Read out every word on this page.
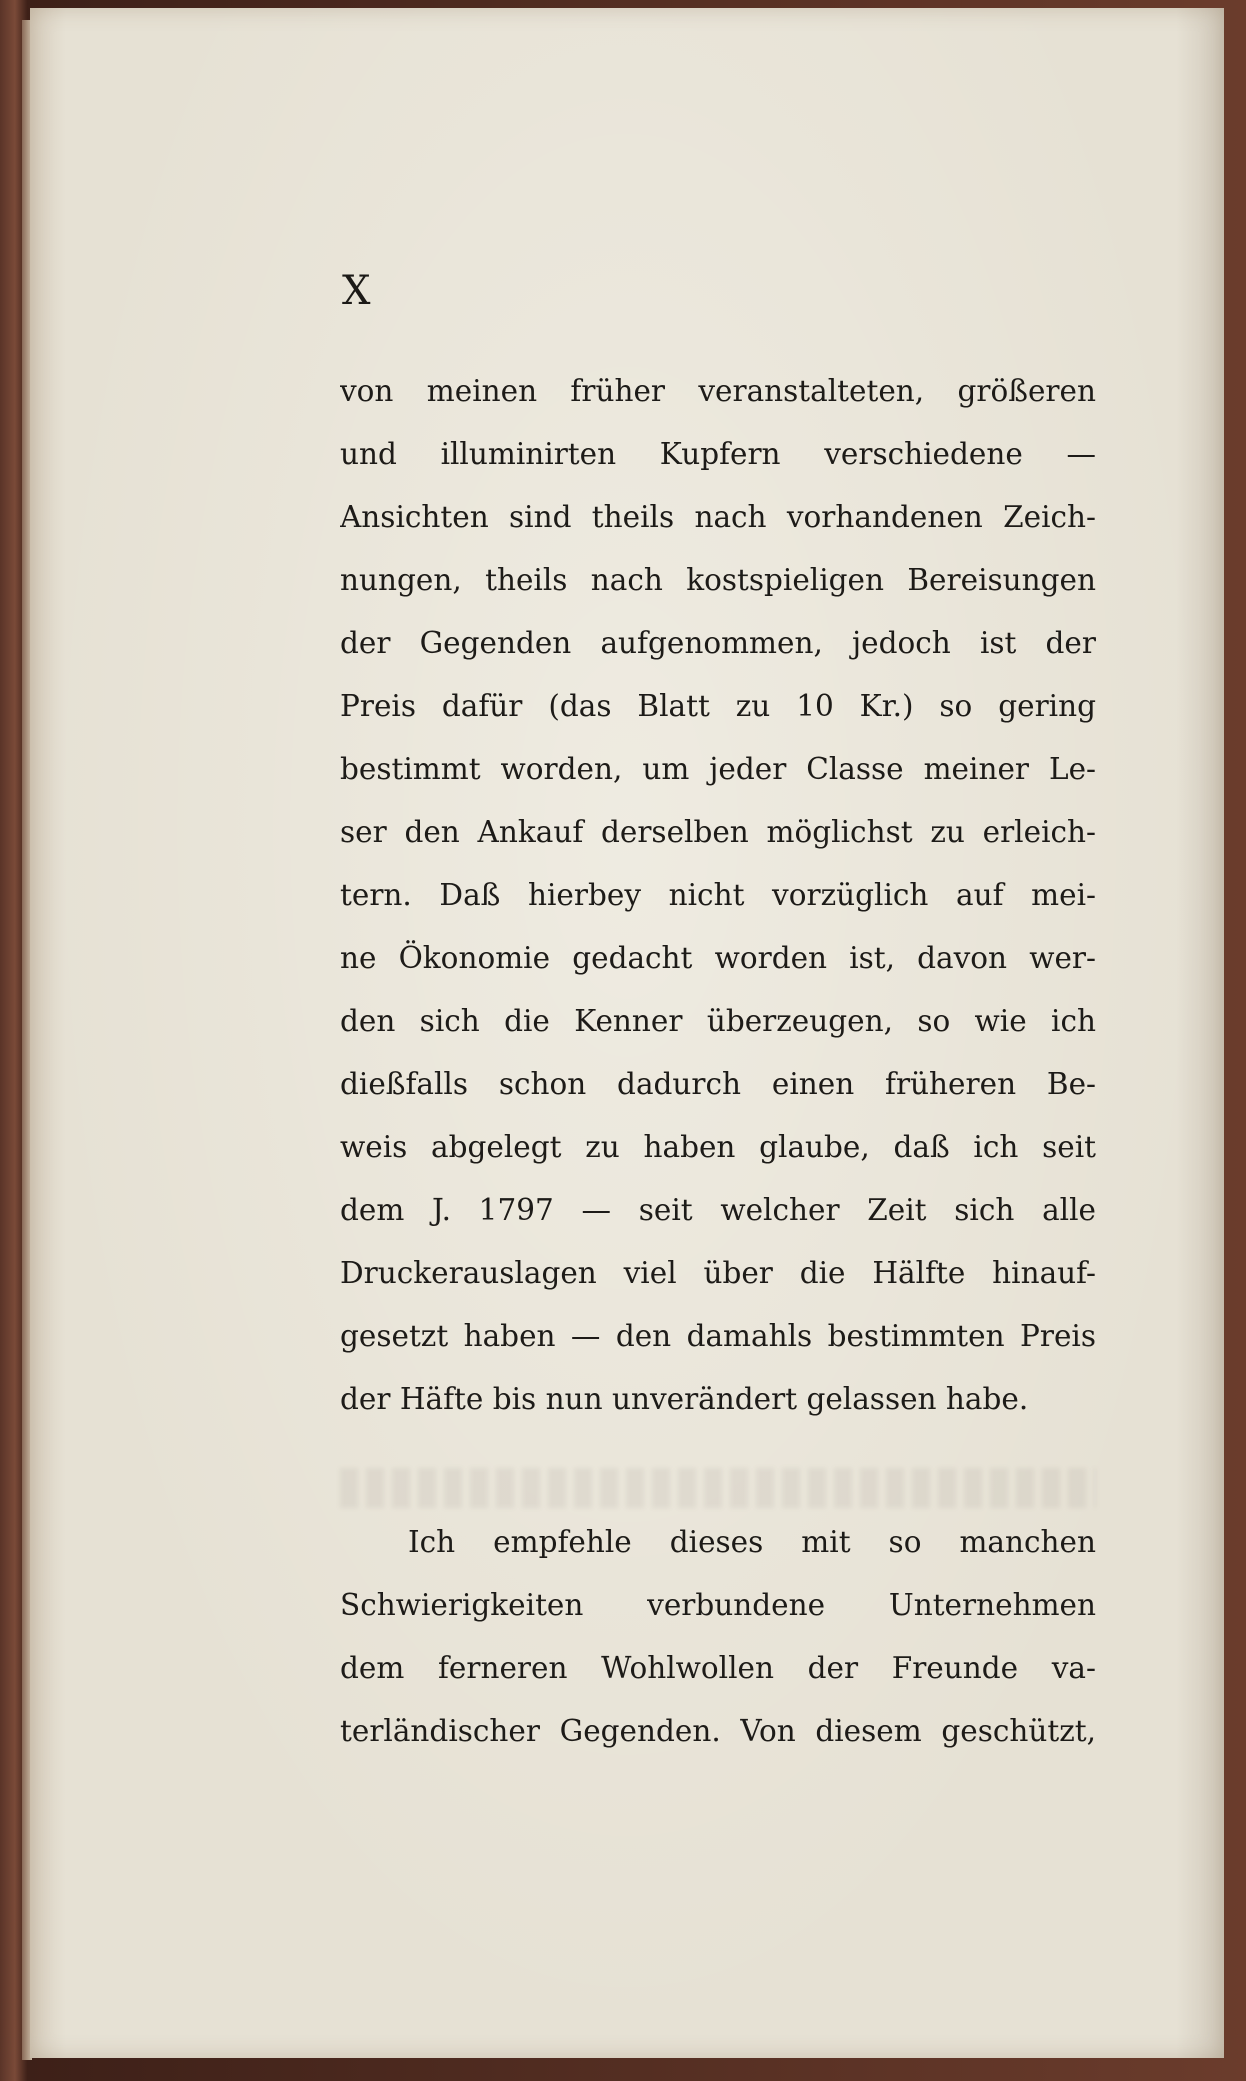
X
von meinen früher veranstalteten, größeren
und illuminirten Kupfern verschiedene —
Ansichten sind theils nach vorhandenen Zeich-
nungen, theils nach kostspieligen Bereisungen
der Gegenden aufgenommen, jedoch ist der
Preis dafür (das Blatt zu 10 Kr.) so gering
bestimmt worden, um jeder Classe meiner Le-
ser den Ankauf derselben möglichst zu erleich-
tern. Daß hierbey nicht vorzüglich auf mei-
ne Ökonomie gedacht worden ist, davon wer-
den sich die Kenner überzeugen, so wie ich
dießfalls schon dadurch einen früheren Be-
weis abgelegt zu haben glaube, daß ich seit
dem J. 1797 — seit welcher Zeit sich alle
Druckerauslagen viel über die Hälfte hinauf-
gesetzt haben — den damahls bestimmten Preis
der Häfte bis nun unverändert gelassen habe.
Ich empfehle dieses mit so manchen
Schwierigkeiten verbundene Unternehmen
dem ferneren Wohlwollen der Freunde va-
terländischer Gegenden. Von diesem geschützt,
